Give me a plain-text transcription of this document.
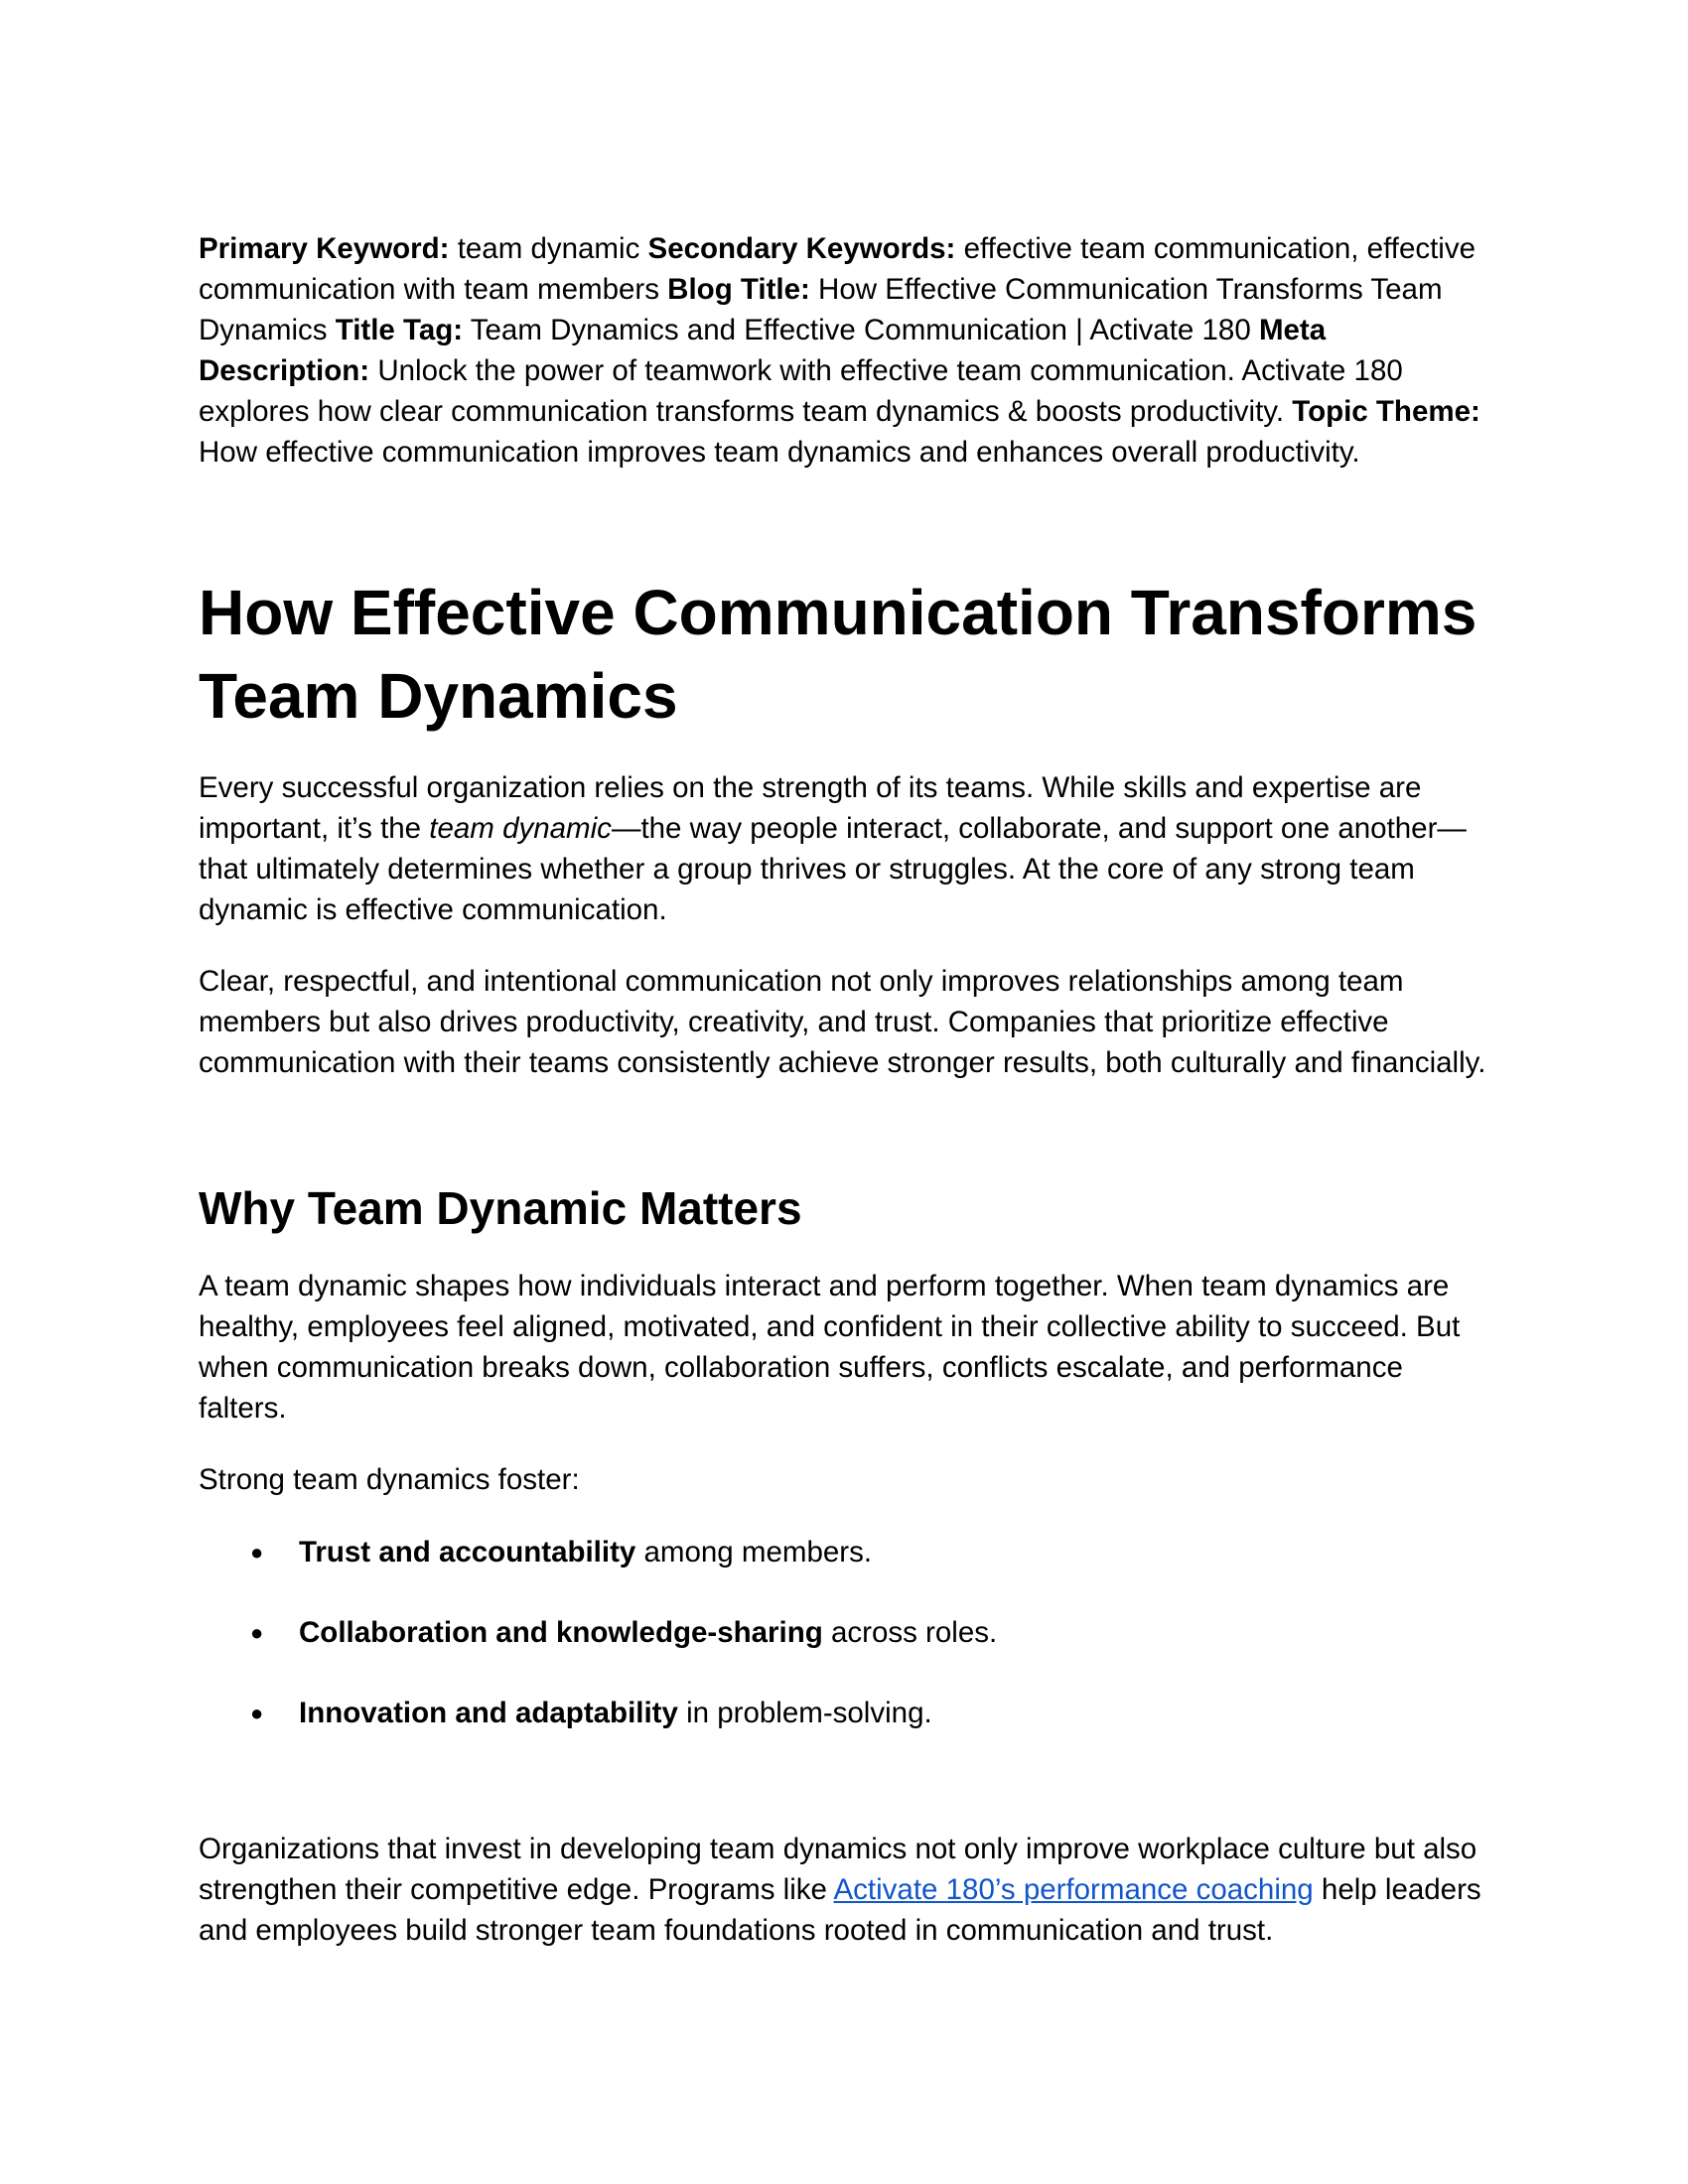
Primary Keyword: team dynamic Secondary Keywords: effective team communication, effective communication with team members Blog Title: How Effective Communication Transforms Team Dynamics Title Tag: Team Dynamics and Effective Communication | Activate 180 Meta Description: Unlock the power of teamwork with effective team communication. Activate 180 explores how clear communication transforms team dynamics & boosts productivity. Topic Theme: How effective communication improves team dynamics and enhances overall productivity.

How Effective Communication Transforms Team Dynamics

Every successful organization relies on the strength of its teams. While skills and expertise are important, it’s the team dynamic—the way people interact, collaborate, and support one another—that ultimately determines whether a group thrives or struggles. At the core of any strong team dynamic is effective communication.

Clear, respectful, and intentional communication not only improves relationships among team members but also drives productivity, creativity, and trust. Companies that prioritize effective communication with their teams consistently achieve stronger results, both culturally and financially.

Why Team Dynamic Matters

A team dynamic shapes how individuals interact and perform together. When team dynamics are healthy, employees feel aligned, motivated, and confident in their collective ability to succeed. But when communication breaks down, collaboration suffers, conflicts escalate, and performance falters.

Strong team dynamics foster:

● Trust and accountability among members.
● Collaboration and knowledge-sharing across roles.
● Innovation and adaptability in problem-solving.

Organizations that invest in developing team dynamics not only improve workplace culture but also strengthen their competitive edge. Programs like Activate 180’s performance coaching help leaders and employees build stronger team foundations rooted in communication and trust.
